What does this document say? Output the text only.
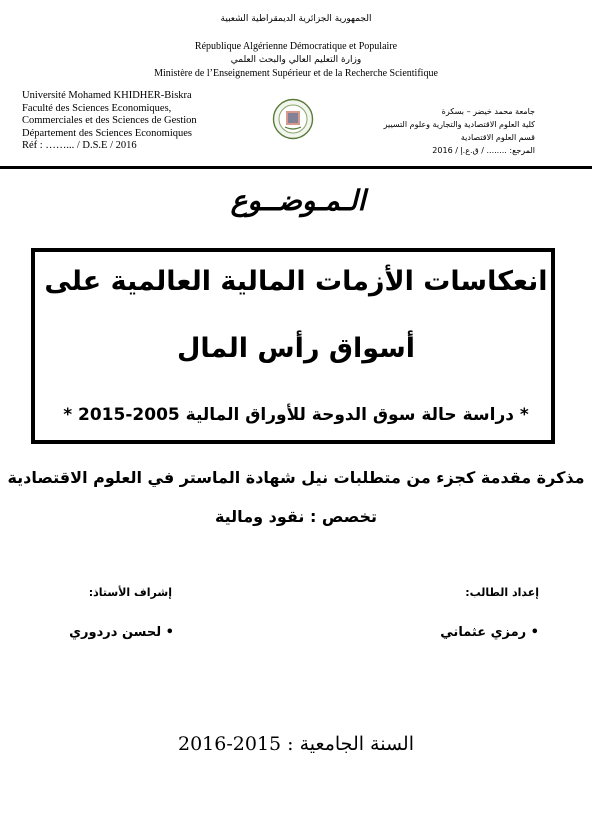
الجمهورية الجزائرية الديمقراطية الشعبية
République Algérienne Démocratique et Populaire
وزارة التعليم العالي والبحث العلمي
Ministère de l’Enseignement Supérieur et de la Recherche Scientifique
Université Mohamed KHIDHER-Biskra
Faculté des Sciences Economiques,
Commerciales et des Sciences de Gestion
Département des Sciences Economiques
Réf : ……... / D.S.E / 2016
جامعة محمد خيضر – بسكرة
كلية العلوم الاقتصادية والتجارية وعلوم التسيير
قسم العلوم الاقتصادية
المرجع: ........ / ق.ع.إ / 2016
الـمـوضــوع
انعكاسات الأزمات المالية العالمية على
أسواق رأس المال
* دراسة حالة سوق الدوحة للأوراق المالية 2005-2015 *
مذكرة مقدمة كجزء من متطلبات نيل شهادة الماستر في العلوم الاقتصادية
تخصص : نقود ومالية
إعداد الطالب:
إشراف الأستاذ:
• رمزي عثماني
• لحسن دردوري
السنة الجامعية : 2015-2016
